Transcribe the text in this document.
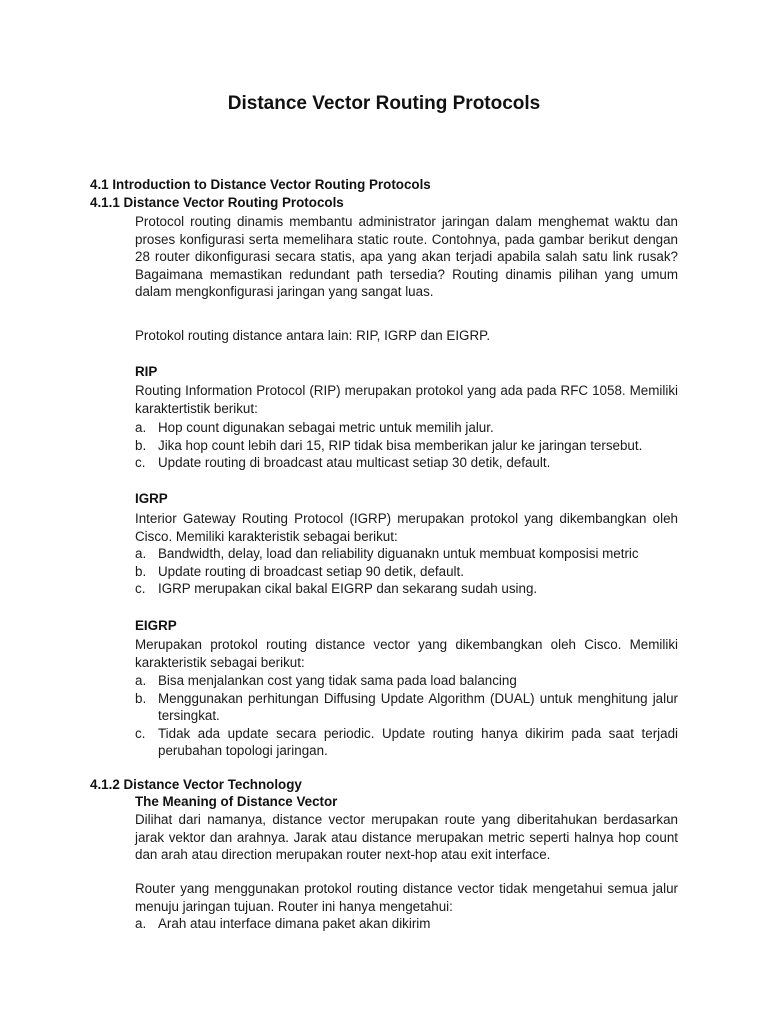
Distance Vector Routing Protocols
4.1 Introduction to Distance Vector Routing Protocols
4.1.1 Distance Vector Routing Protocols
Protocol routing dinamis membantu administrator jaringan dalam menghemat waktu dan proses konfigurasi serta memelihara static route. Contohnya, pada gambar berikut dengan 28 router dikonfigurasi secara statis, apa yang akan terjadi apabila salah satu link rusak? Bagaimana memastikan redundant path tersedia? Routing dinamis pilihan yang umum dalam mengkonfigurasi jaringan yang sangat luas.
Protokol routing distance antara lain: RIP, IGRP dan EIGRP.
RIP
Routing Information Protocol (RIP) merupakan protokol yang ada pada RFC 1058. Memiliki karaktertistik berikut:
a. Hop count digunakan sebagai metric untuk memilih jalur.
b. Jika hop count lebih dari 15, RIP tidak bisa memberikan jalur ke jaringan tersebut.
c. Update routing di broadcast atau multicast setiap 30 detik, default.
IGRP
Interior Gateway Routing Protocol (IGRP) merupakan protokol yang dikembangkan oleh Cisco. Memiliki karakteristik sebagai berikut:
a. Bandwidth, delay, load dan reliability diguanakn untuk membuat komposisi metric
b. Update routing di broadcast setiap 90 detik, default.
c. IGRP merupakan cikal bakal EIGRP dan sekarang sudah using.
EIGRP
Merupakan protokol routing distance vector yang dikembangkan oleh Cisco. Memiliki karakteristik sebagai berikut:
a. Bisa menjalankan cost yang tidak sama pada load balancing
b. Menggunakan perhitungan Diffusing Update Algorithm (DUAL) untuk menghitung jalur tersingkat.
c. Tidak ada update secara periodic. Update routing hanya dikirim pada saat terjadi perubahan topologi jaringan.
4.1.2 Distance Vector Technology
The Meaning of Distance Vector
Dilihat dari namanya, distance vector merupakan route yang diberitahukan berdasarkan jarak vektor dan arahnya. Jarak atau distance merupakan metric seperti halnya hop count dan arah atau direction merupakan router next-hop atau exit interface.
Router yang menggunakan protokol routing distance vector tidak mengetahui semua jalur menuju jaringan tujuan. Router ini hanya mengetahui:
a. Arah atau interface dimana paket akan dikirim
